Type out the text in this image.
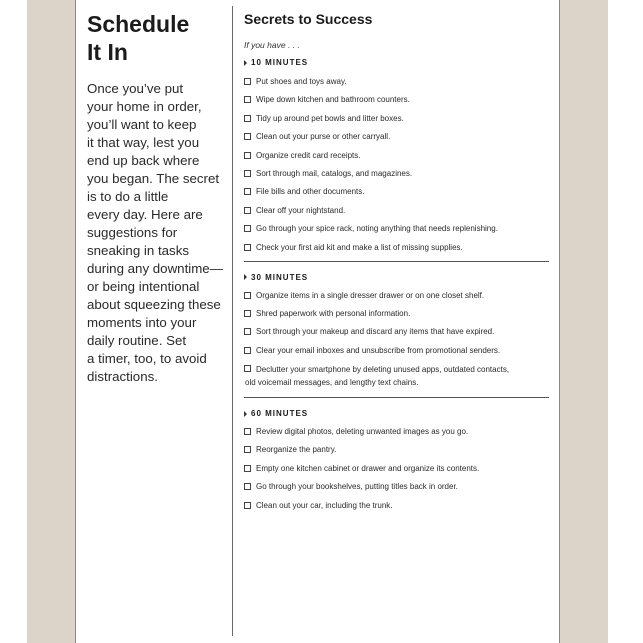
Schedule
It In
Once you’ve put
your home in order,
you’ll want to keep
it that way, lest you
end up back where
you began. The secret
is to do a little
every day. Here are
suggestions for
sneaking in tasks
during any downtime—
or being intentional
about squeezing these
moments into your
daily routine. Set
a timer, too, to avoid
distractions.
Secrets to Success
If you have . . .
10 MINUTES
Put shoes and toys away.
Wipe down kitchen and bathroom counters.
Tidy up around pet bowls and litter boxes.
Clean out your purse or other carryall.
Organize credit card receipts.
Sort through mail, catalogs, and magazines.
File bills and other documents.
Clear off your nightstand.
Go through your spice rack, noting anything that needs replenishing.
Check your first aid kit and make a list of missing supplies.
30 MINUTES
Organize items in a single dresser drawer or on one closet shelf.
Shred paperwork with personal information.
Sort through your makeup and discard any items that have expired.
Clear your email inboxes and unsubscribe from promotional senders.
Declutter your smartphone by deleting unused apps, outdated contacts,
old voicemail messages, and lengthy text chains.
60 MINUTES
Review digital photos, deleting unwanted images as you go.
Reorganize the pantry.
Empty one kitchen cabinet or drawer and organize its contents.
Go through your bookshelves, putting titles back in order.
Clean out your car, including the trunk.
